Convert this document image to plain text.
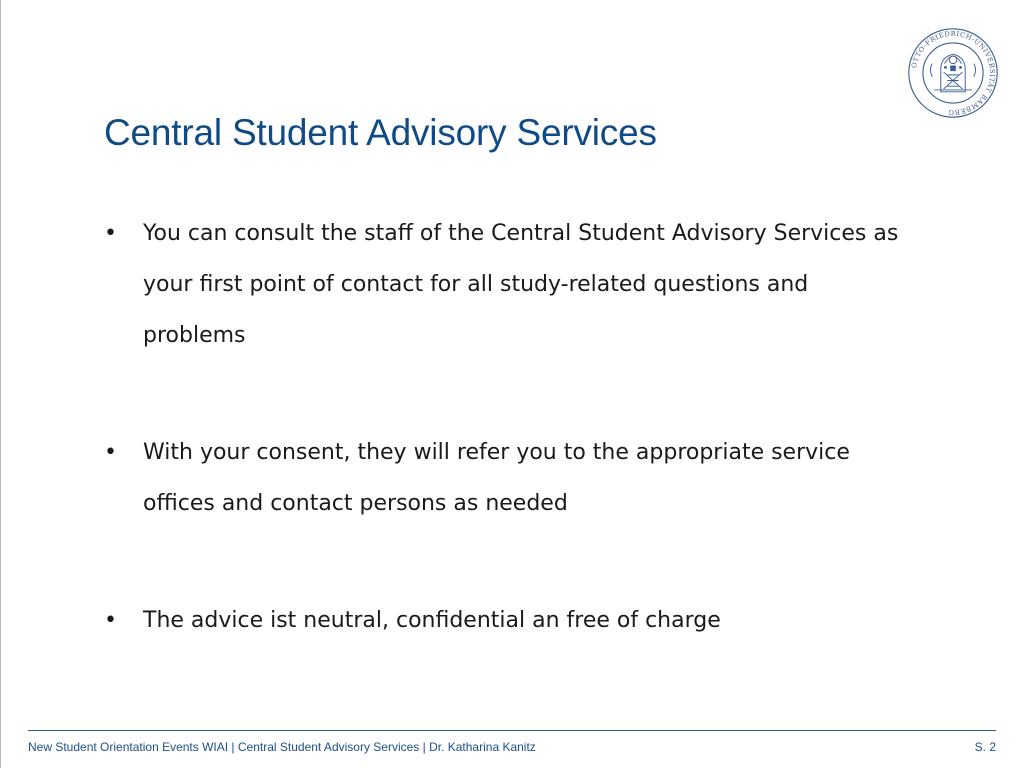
OTTO-FRIEDRICH-UNIVERSITÄT BAMBERG
Central Student Advisory Services
• You can consult the staff of the Central Student Advisory Services as your first point of contact for all study-related questions and problems
• With your consent, they will refer you to the appropriate service offices and contact persons as needed
• The advice ist neutral, confidential an free of charge
New Student Orientation Events WIAI | Central Student Advisory Services | Dr. Katharina Kanitz	S. 2
